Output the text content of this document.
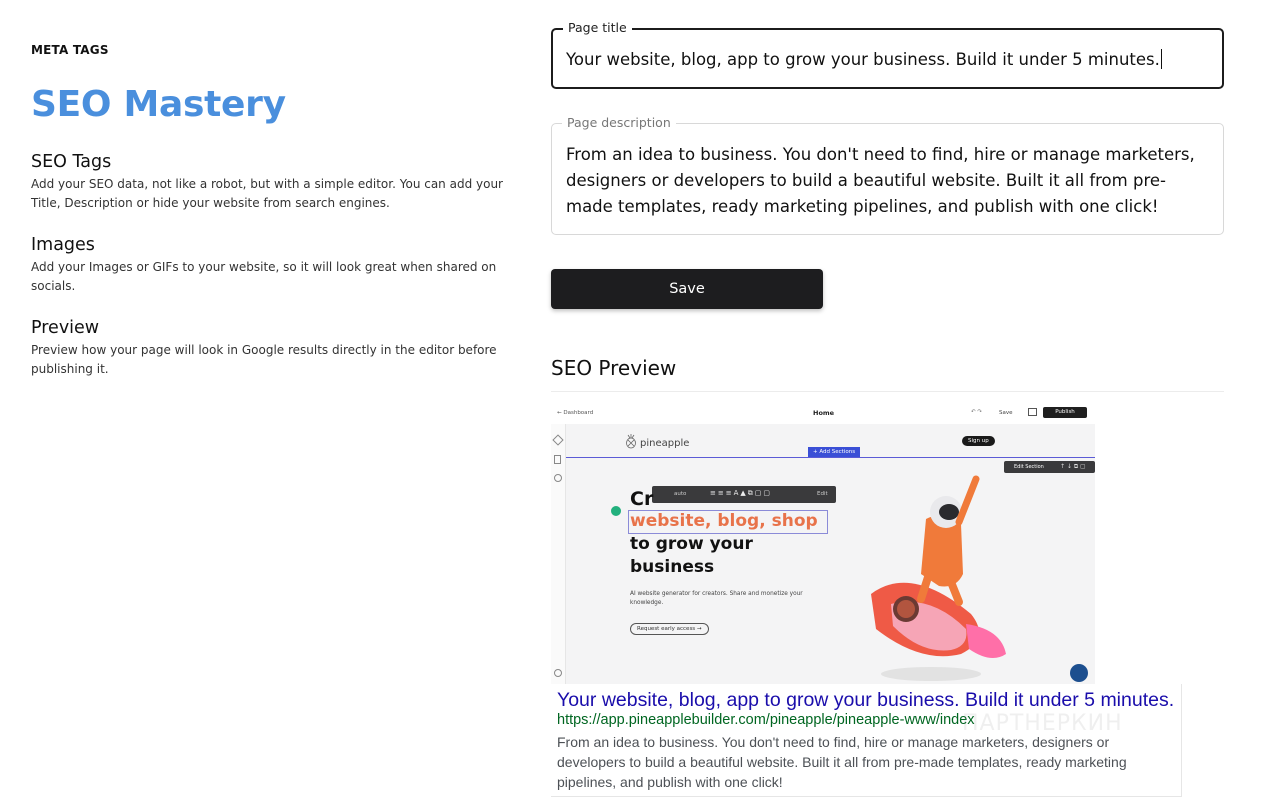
META TAGS
SEO Mastery
SEO Tags

Add your SEO data, not like a robot, but with a simple editor. You can add your Title, Description or hide your website from search engines.

Images

Add your Images or GIFs to your website, so it will look great when shared on socials.

Preview

Preview how your page will look in Google results directly in the editor before publishing it.

Page title
Your website, blog, app to grow your business. Build it under 5 minutes.
Page description
From an idea to business. You don't need to find, hire or manage marketers, designers or developers to build a beautiful website. Built it all from pre-made templates, ready marketing pipelines, and publish with one click!
Save
SEO Preview
← Dashboard	Home	↶ ↷	Save	Publish
pineapple	Sign up
+ Add Sections
Edit Section	↑ ↓ ⧉ ▢
auto	≡≡≡A▲⧉▢▢	Edit
Cr
website, blog, shop
to grow your
business
AI website generator for creators. Share and monetize your knowledge.
Request early access →
Your website, blog, app to grow your business. Build it under 5 minutes.
https://app.pineapplebuilder.com/pineapple/pineapple-www/index
From an idea to business. You don't need to find, hire or manage marketers, designers or developers to build a beautiful website. Built it all from pre-made templates, ready marketing pipelines, and publish with one click!
ПАРТНЕРКИН
